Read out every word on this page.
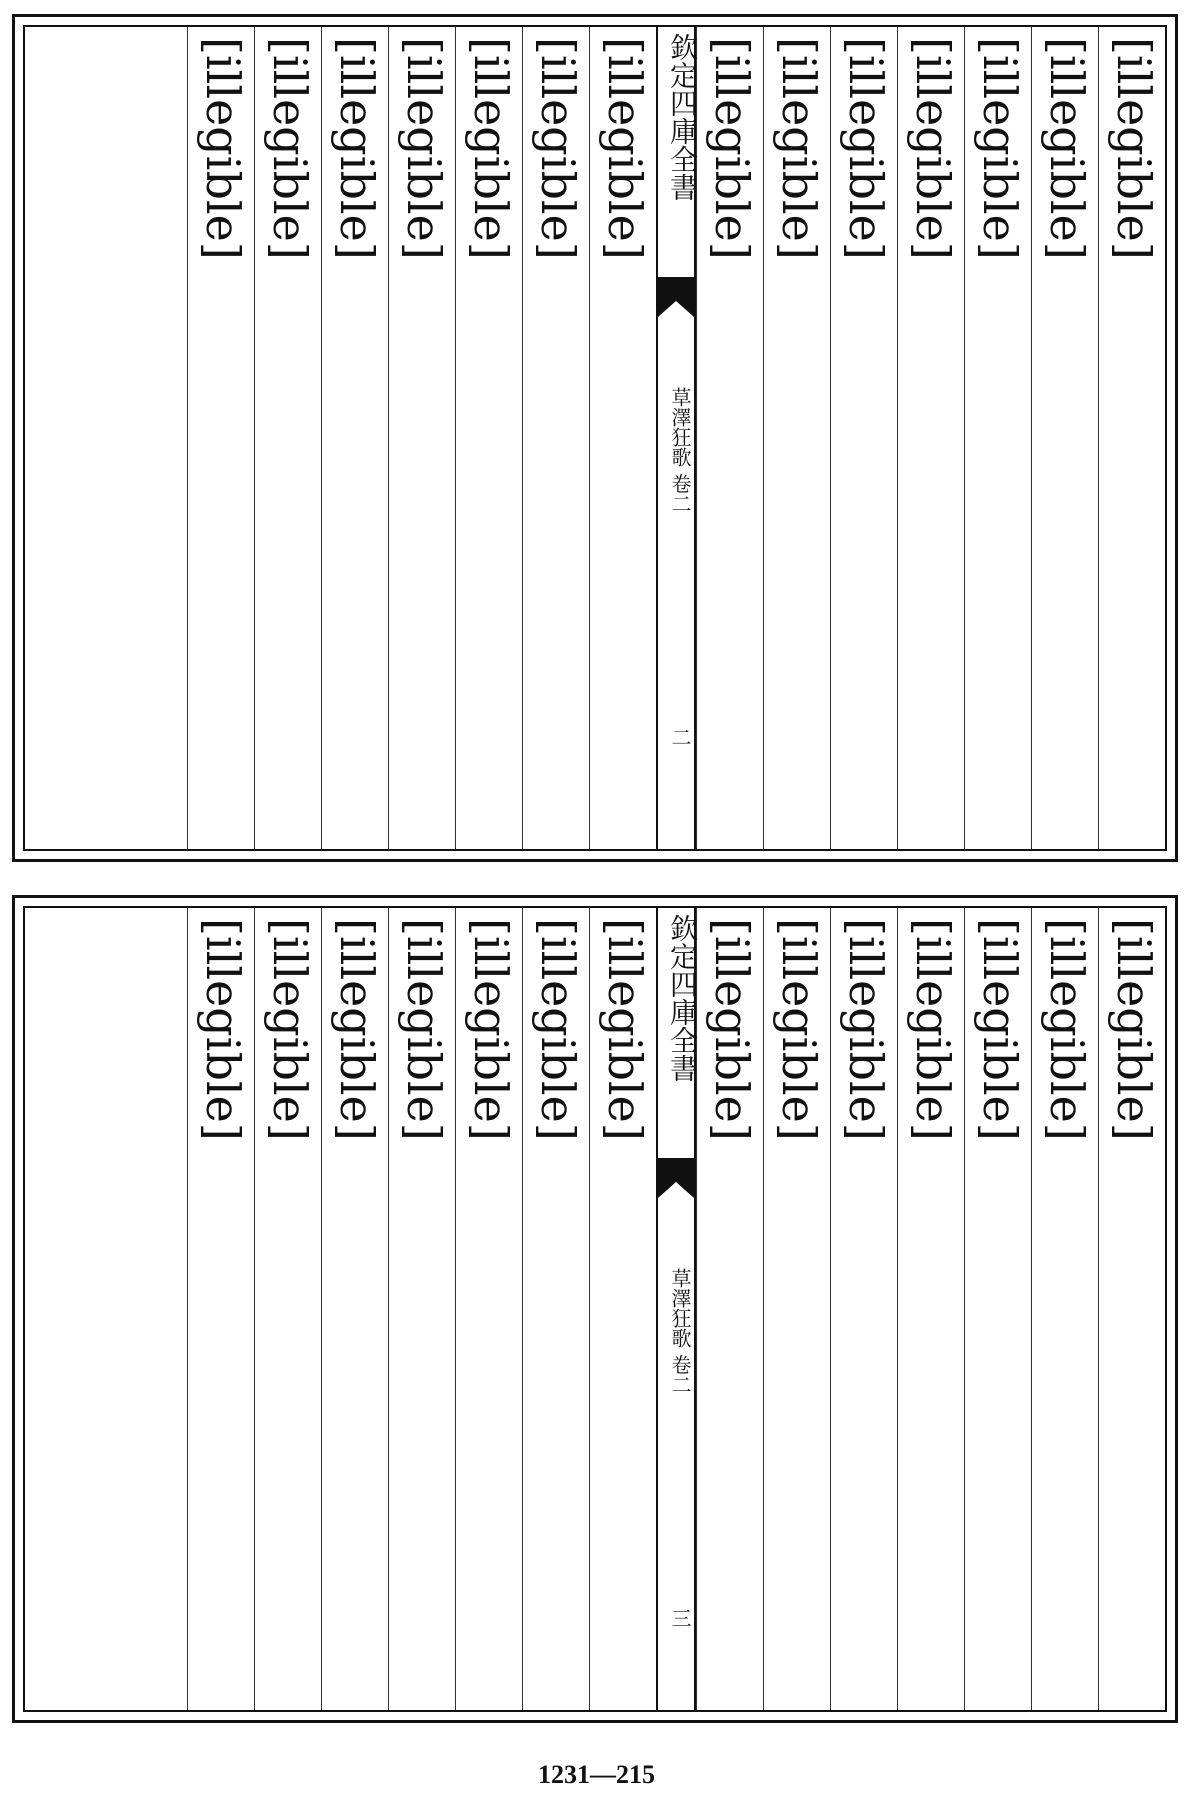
[illegible]
[illegible]
[illegible]
[illegible]
[illegible]
[illegible]
[illegible]
欽定四庫全書
草澤狂歌 卷二
二
[illegible]
[illegible]
[illegible]
[illegible]
[illegible]
[illegible]
[illegible]
[illegible]
[illegible]
[illegible]
[illegible]
[illegible]
[illegible]
[illegible]
欽定四庫全書
草澤狂歌 卷二
三
[illegible]
[illegible]
[illegible]
[illegible]
[illegible]
[illegible]
[illegible]
1231—215
